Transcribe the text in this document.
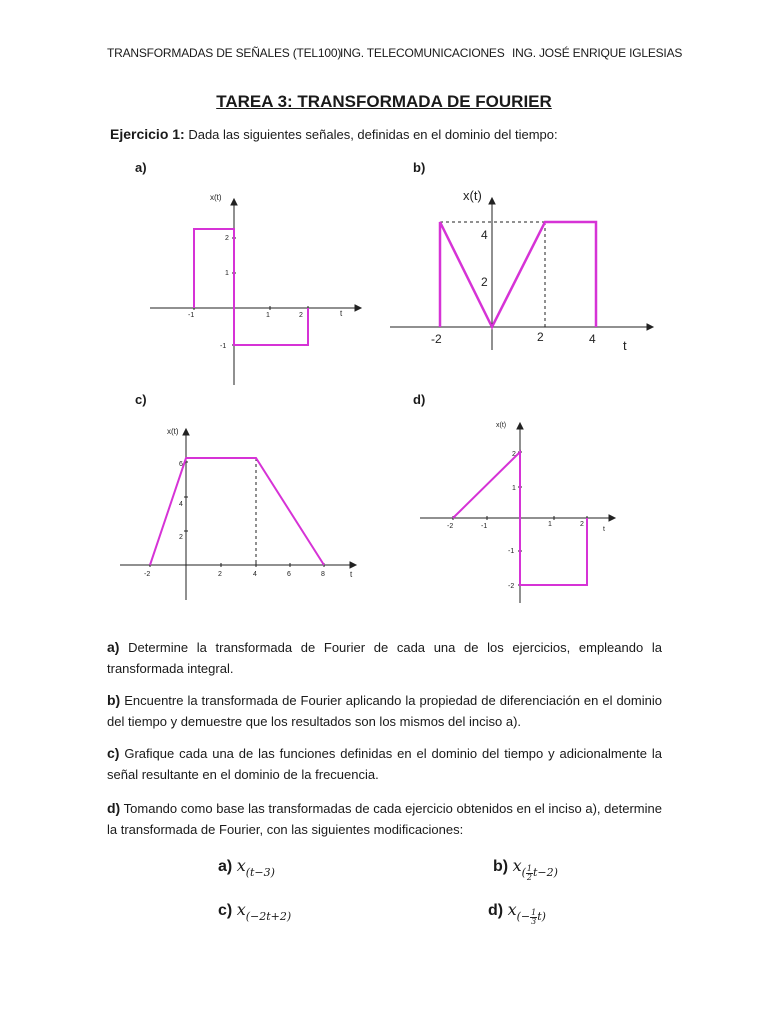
TRANSFORMADAS DE SEÑALES (TEL100)
ING. TELECOMUNICACIONES ING. JOSÉ ENRIQUE IGLESIAS
TAREA 3: TRANSFORMADA DE FOURIER
Ejercicio 1: Dada las siguientes señales, definidas en el dominio del tiempo:
a)	b)
c)	d)
x(t)
t
-1	1	2
2
1
-1
x(t)
t
-2	2	4
4
2
x(t)
t
-2	2	4	6	8
6
4
2
x(t)
t
-2	-1	1	2
2
1
-1
-2
a) Determine la transformada de Fourier de cada una de los ejercicios, empleando la transformada integral.
b) Encuentre la transformada de Fourier aplicando la propiedad de diferenciación en el dominio del tiempo y demuestre que los resultados son los mismos del inciso a).
c) Grafique cada una de las funciones definidas en el dominio del tiempo y adicionalmente la señal resultante en el dominio de la frecuencia.
d) Tomando como base las transformadas de cada ejercicio obtenidos en el inciso a), determine la transformada de Fourier, con las siguientes modificaciones:
a) $x_{(t-3)}$	b) $x_{( \frac{1}{2} t-2)}$
c) $x_{(-2t+2)}$	d) $x_{(- \frac{1}{3} t)}$
